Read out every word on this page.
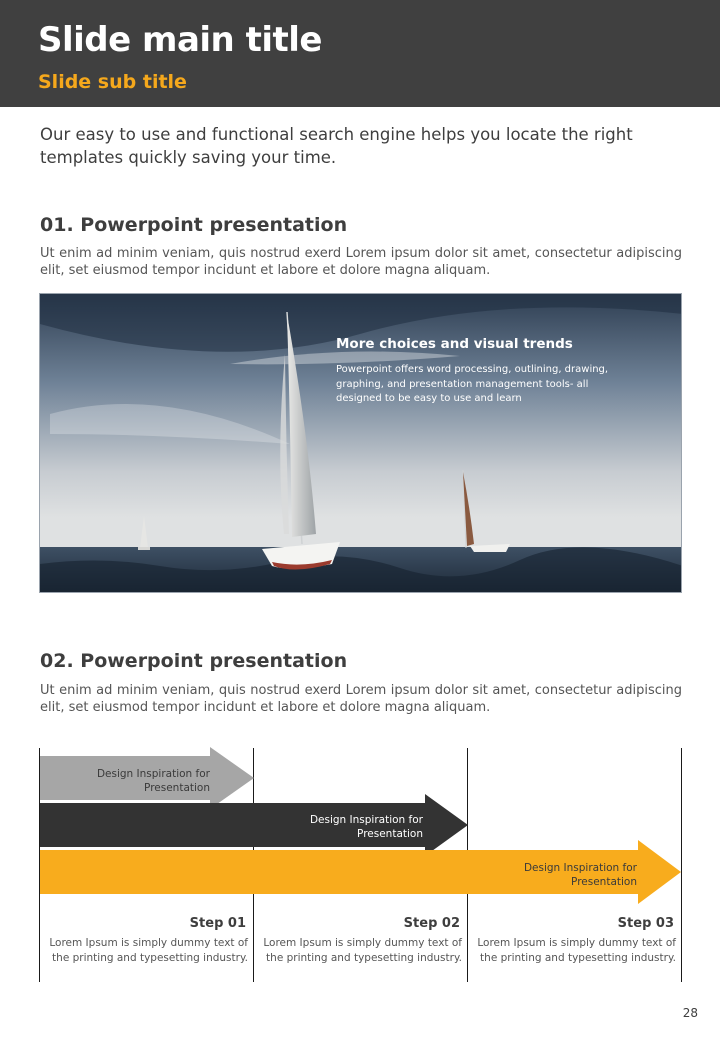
Slide main title
Slide sub title
Our easy to use and functional search engine helps you locate the right templates quickly saving your time.
01. Powerpoint presentation
Ut enim ad minim veniam, quis nostrud exerd Lorem ipsum dolor sit amet, consectetur adipiscing elit, set eiusmod tempor incidunt et labore et dolore magna aliquam.
More choices and visual trends
Powerpoint offers word processing, outlining, drawing, graphing, and presentation management tools- all designed to be easy to use and learn
02. Powerpoint presentation
Ut enim ad minim veniam, quis nostrud exerd Lorem ipsum dolor sit amet, consectetur adipiscing elit, set eiusmod tempor incidunt et labore et dolore magna aliquam.
Design Inspiration for Presentation
Design Inspiration for Presentation
Design Inspiration for Presentation
Step 01
Lorem Ipsum is simply dummy text of the printing and typesetting industry.
Step 02
Lorem Ipsum is simply dummy text of the printing and typesetting industry.
Step 03
Lorem Ipsum is simply dummy text of the printing and typesetting industry.
28
